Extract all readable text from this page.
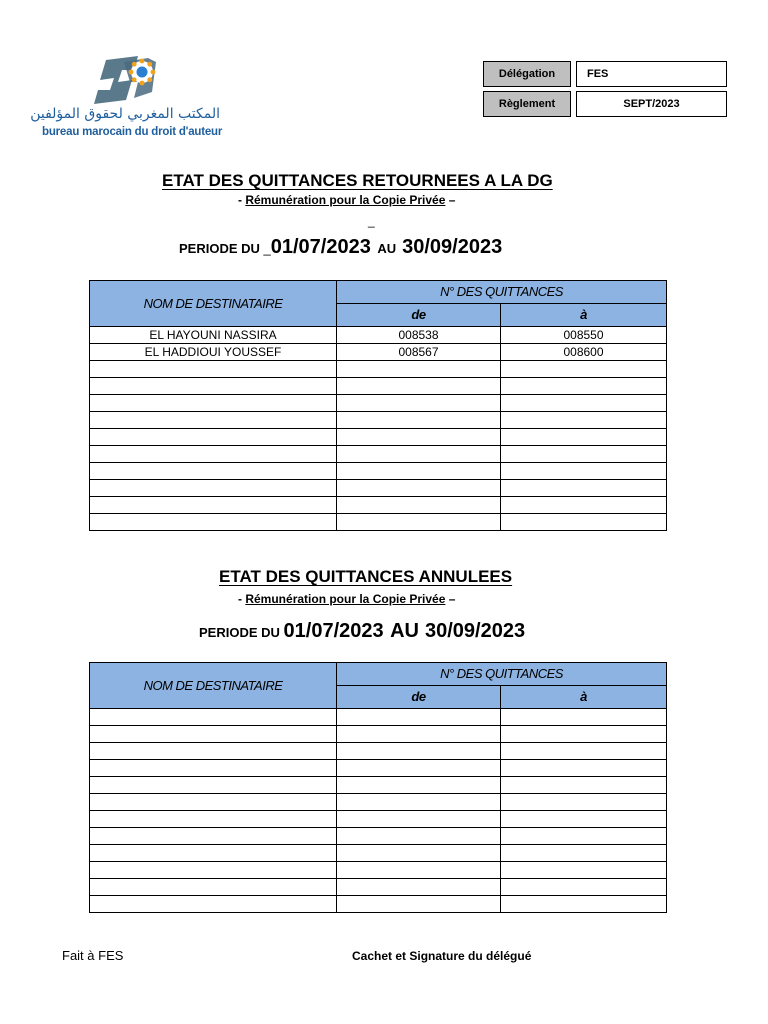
المكتب المغربي لحقوق المؤلفين
bureau marocain du droit d'auteur
Délégation	FES
Règlement	SEPT/2023
ETAT DES QUITTANCES RETOURNEES A LA DG
- Rémunération pour la Copie Privée –
_
PERIODE DU _01/07/2023 AU 30/09/2023
NOM DE DESTINATAIRE	N° DES QUITTANCES	
	de	à
EL HAYOUNI NASSIRA	008538	008550
EL HADDIOUI YOUSSEF	008567	008600

ETAT DES QUITTANCES ANNULEES
- Rémunération pour la Copie Privée –
PERIODE DU 01/07/2023 AU 30/09/2023
NOM DE DESTINATAIRE	N° DES QUITTANCES	
	de	à

Fait à FES	Cachet et Signature du délégué
